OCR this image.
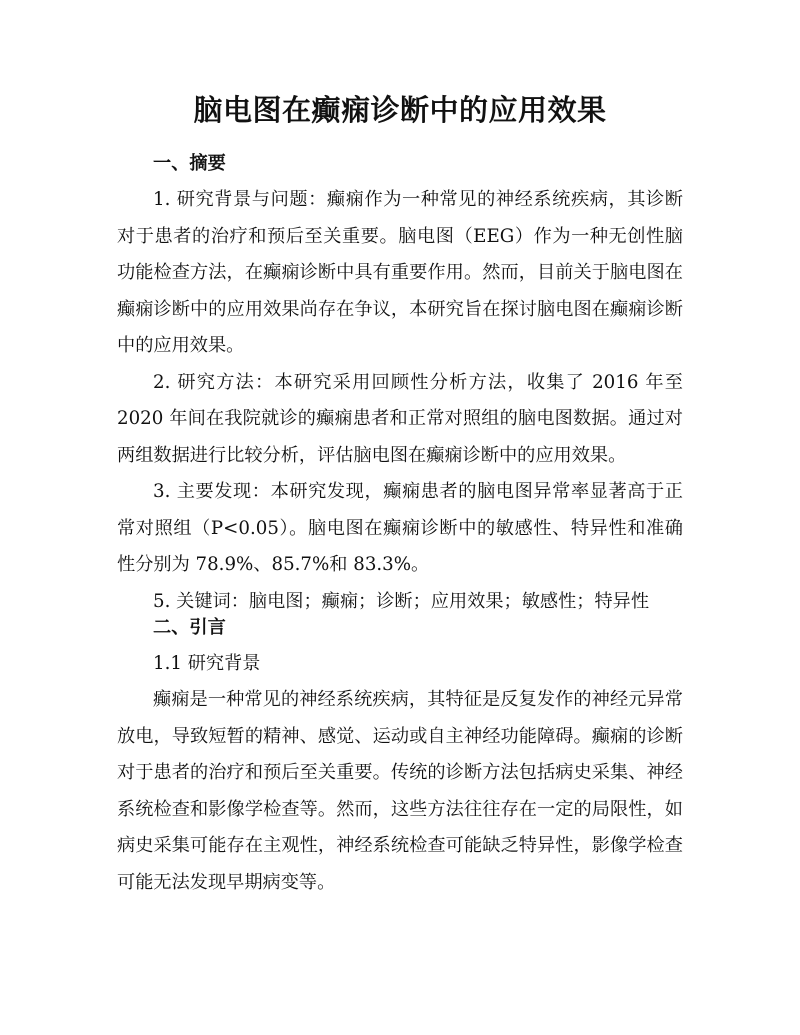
脑电图在癫痫诊断中的应用效果
一、摘要

1. 研究背景与问题：癫痫作为一种常见的神经系统疾病，其诊断对于患者的治疗和预后至关重要。脑电图（EEG）作为一种无创性脑功能检查方法，在癫痫诊断中具有重要作用。然而，目前关于脑电图在癫痫诊断中的应用效果尚存在争议，本研究旨在探讨脑电图在癫痫诊断中的应用效果。

2. 研究方法：本研究采用回顾性分析方法，收集了 2016 年至 2020 年间在我院就诊的癫痫患者和正常对照组的脑电图数据。通过对两组数据进行比较分析，评估脑电图在癫痫诊断中的应用效果。

3. 主要发现：本研究发现，癫痫患者的脑电图异常率显著高于正常对照组（P<0.05）。脑电图在癫痫诊断中的敏感性、特异性和准确性分别为 78.9%、85.7%和 83.3%。

5. 关键词：脑电图；癫痫；诊断；应用效果；敏感性；特异性

二、引言
1.1 研究背景

癫痫是一种常见的神经系统疾病，其特征是反复发作的神经元异常放电，导致短暂的精神、感觉、运动或自主神经功能障碍。癫痫的诊断对于患者的治疗和预后至关重要。传统的诊断方法包括病史采集、神经系统检查和影像学检查等。然而，这些方法往往存在一定的局限性，如病史采集可能存在主观性，神经系统检查可能缺乏特异性，影像学检查可能无法发现早期病变等。
